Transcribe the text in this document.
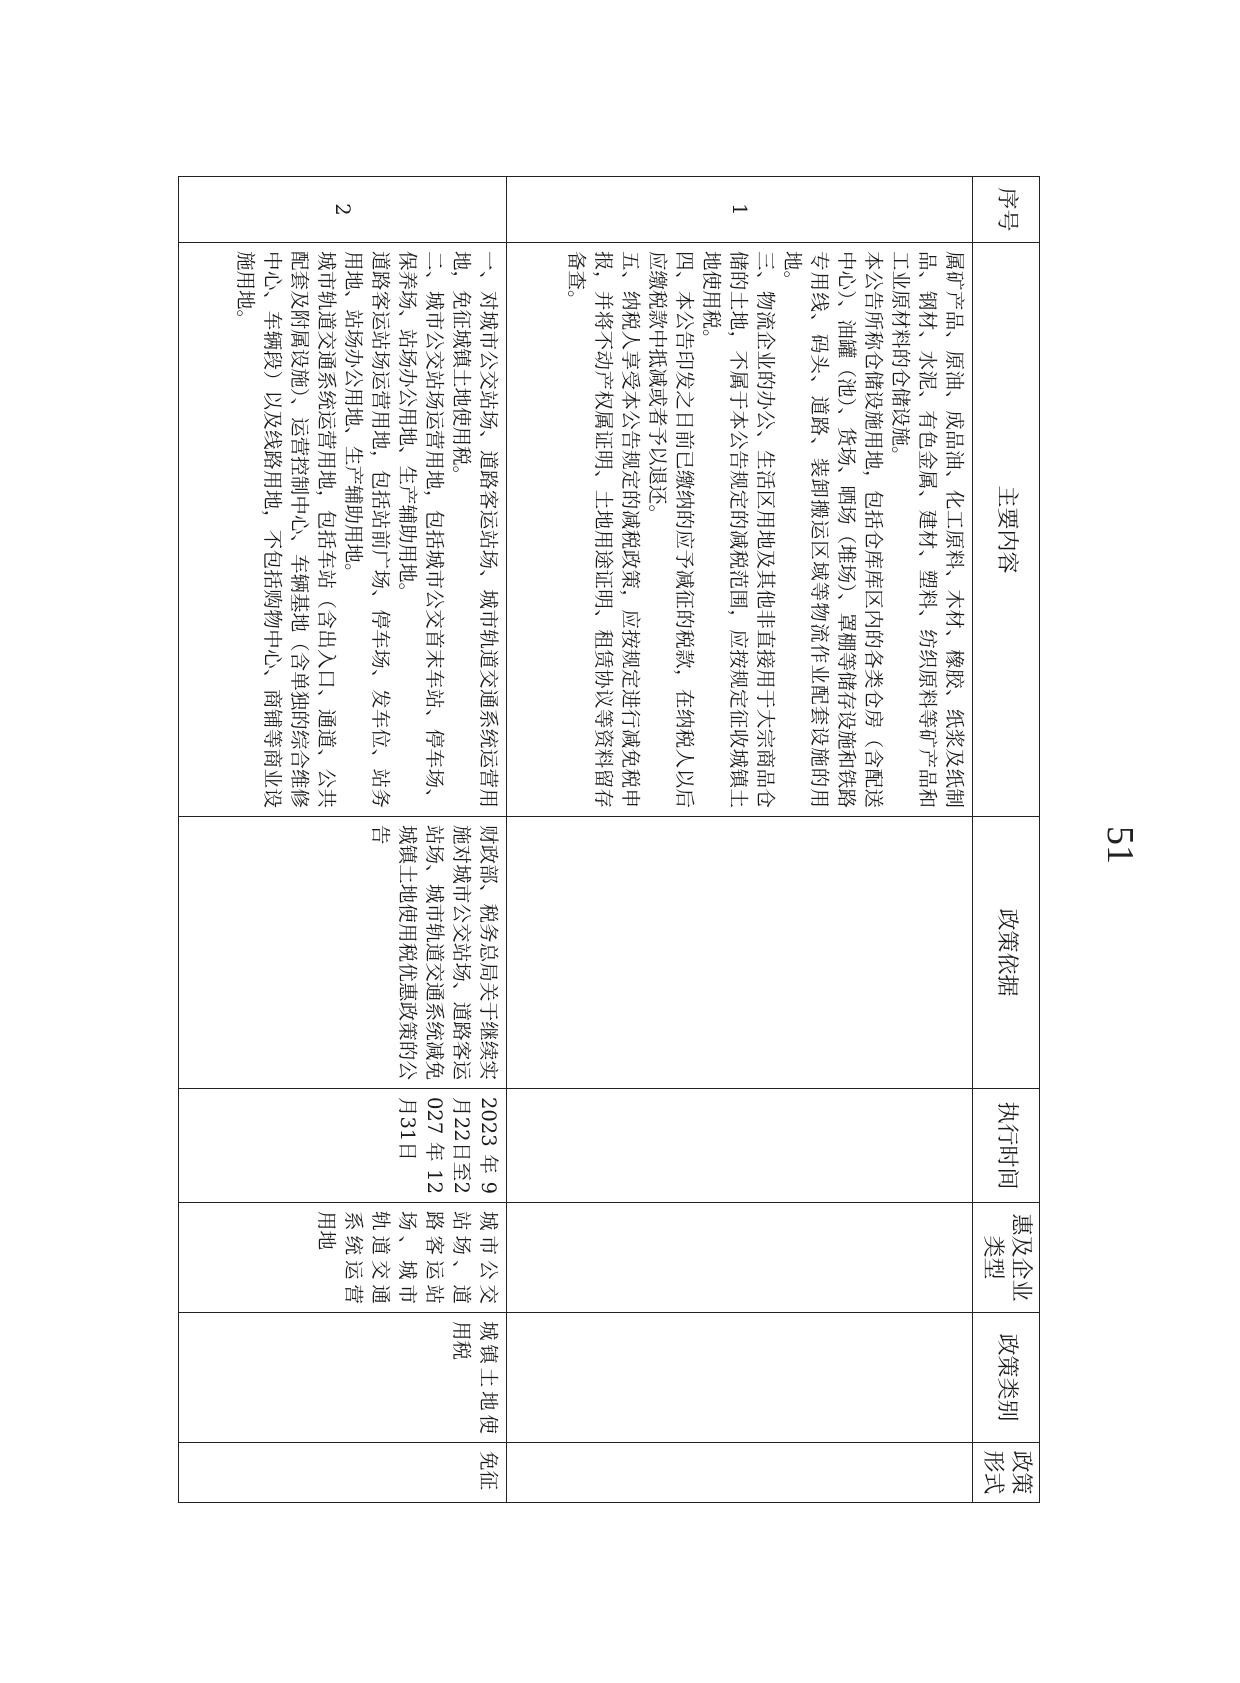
序号	主要内容	政策依据	执行时间	惠及企业类型	政策类别	政策形式
1	属矿产品、原油、成品油、化工原料、木材、橡胶、纸浆及纸制品、钢材、水泥、有色金属、建材、塑料、纺织原料等矿产品和工业原材料的仓储设施。
本公告所称仓储设施用地，包括仓库库区内的各类仓房（含配送中心）、油罐（池）、货场、晒场（堆场）、罩棚等储存设施和铁路专用线、码头、道路、装卸搬运区域等物流作业配套设施的用地。
三、物流企业的办公、生活区用地及其他非直接用于大宗商品仓储的土地，不属于本公告规定的减税范围，应按规定征收城镇土地使用税。
四、本公告印发之日前已缴纳的应予减征的税款，在纳税人以后应缴税款中抵减或者予以退还。
五、纳税人享受本公告规定的减税政策，应按规定进行减免税申报，并将不动产权属证明、土地用途证明、租赁协议等资料留存备查。					

2	一、对城市公交站场、道路客运站场、城市轨道交通系统运营用地，免征城镇土地使用税。
二、城市公交站场运营用地，包括城市公交首末车站、停车场、保养场、站场办公用地、生产辅助用地。
道路客运站场运营用地，包括站前广场、停车场、发车位、站务用地、站场办公用地、生产辅助用地。
城市轨道交通系统运营用地，包括车站（含出入口、通道、公共配套及附属设施）、运营控制中心、车辆基地（含单独的综合维修中心、车辆段）以及线路用地，不包括购物中心、商铺等商业设施用地。	财政部、税务总局关于继续实施对城市公交站场、道路客运站场、城市轨道交通系统减免城镇土地使用税优惠政策的公告	2023年9月22日至2027年12月31日	城市公交站场、道路客运站场、城市轨道交通系统运营用地	城镇土地使用税	免征
51
